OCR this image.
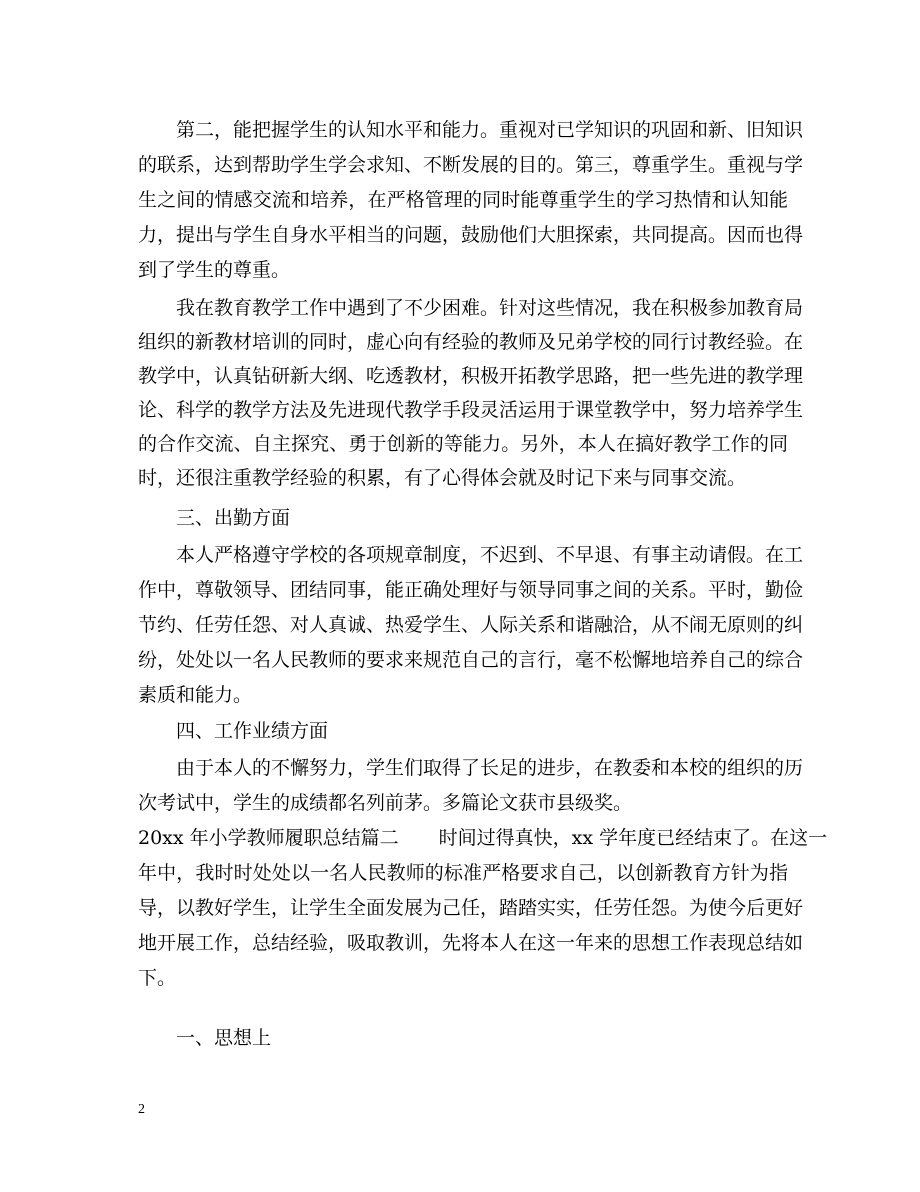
第二，能把握学生的认知水平和能力。重视对已学知识的巩固和新、旧知识
的联系，达到帮助学生学会求知、不断发展的目的。第三，尊重学生。重视与学
生之间的情感交流和培养，在严格管理的同时能尊重学生的学习热情和认知能
力，提出与学生自身水平相当的问题，鼓励他们大胆探索，共同提高。因而也得
到了学生的尊重。
我在教育教学工作中遇到了不少困难。针对这些情况，我在积极参加教育局
组织的新教材培训的同时，虚心向有经验的教师及兄弟学校的同行讨教经验。在
教学中，认真钻研新大纲、吃透教材，积极开拓教学思路，把一些先进的教学理
论、科学的教学方法及先进现代教学手段灵活运用于课堂教学中，努力培养学生
的合作交流、自主探究、勇于创新的等能力。另外，本人在搞好教学工作的同
时，还很注重教学经验的积累，有了心得体会就及时记下来与同事交流。
三、出勤方面
本人严格遵守学校的各项规章制度，不迟到、不早退、有事主动请假。在工
作中，尊敬领导、团结同事，能正确处理好与领导同事之间的关系。平时，勤俭
节约、任劳任怨、对人真诚、热爱学生、人际关系和谐融洽，从不闹无原则的纠
纷，处处以一名人民教师的要求来规范自己的言行，毫不松懈地培养自己的综合
素质和能力。
四、工作业绩方面
由于本人的不懈努力，学生们取得了长足的进步，在教委和本校的组织的历
次考试中，学生的成绩都名列前茅。多篇论文获市县级奖。
20xx 年小学教师履职总结篇二 时间过得真快，xx 学年度已经结束了。在这一
年中，我时时处处以一名人民教师的标准严格要求自己，以创新教育方针为指
导，以教好学生，让学生全面发展为己任，踏踏实实，任劳任怨。为使今后更好
地开展工作，总结经验，吸取教训，先将本人在这一年来的思想工作表现总结如
下。
一、思想上
2
